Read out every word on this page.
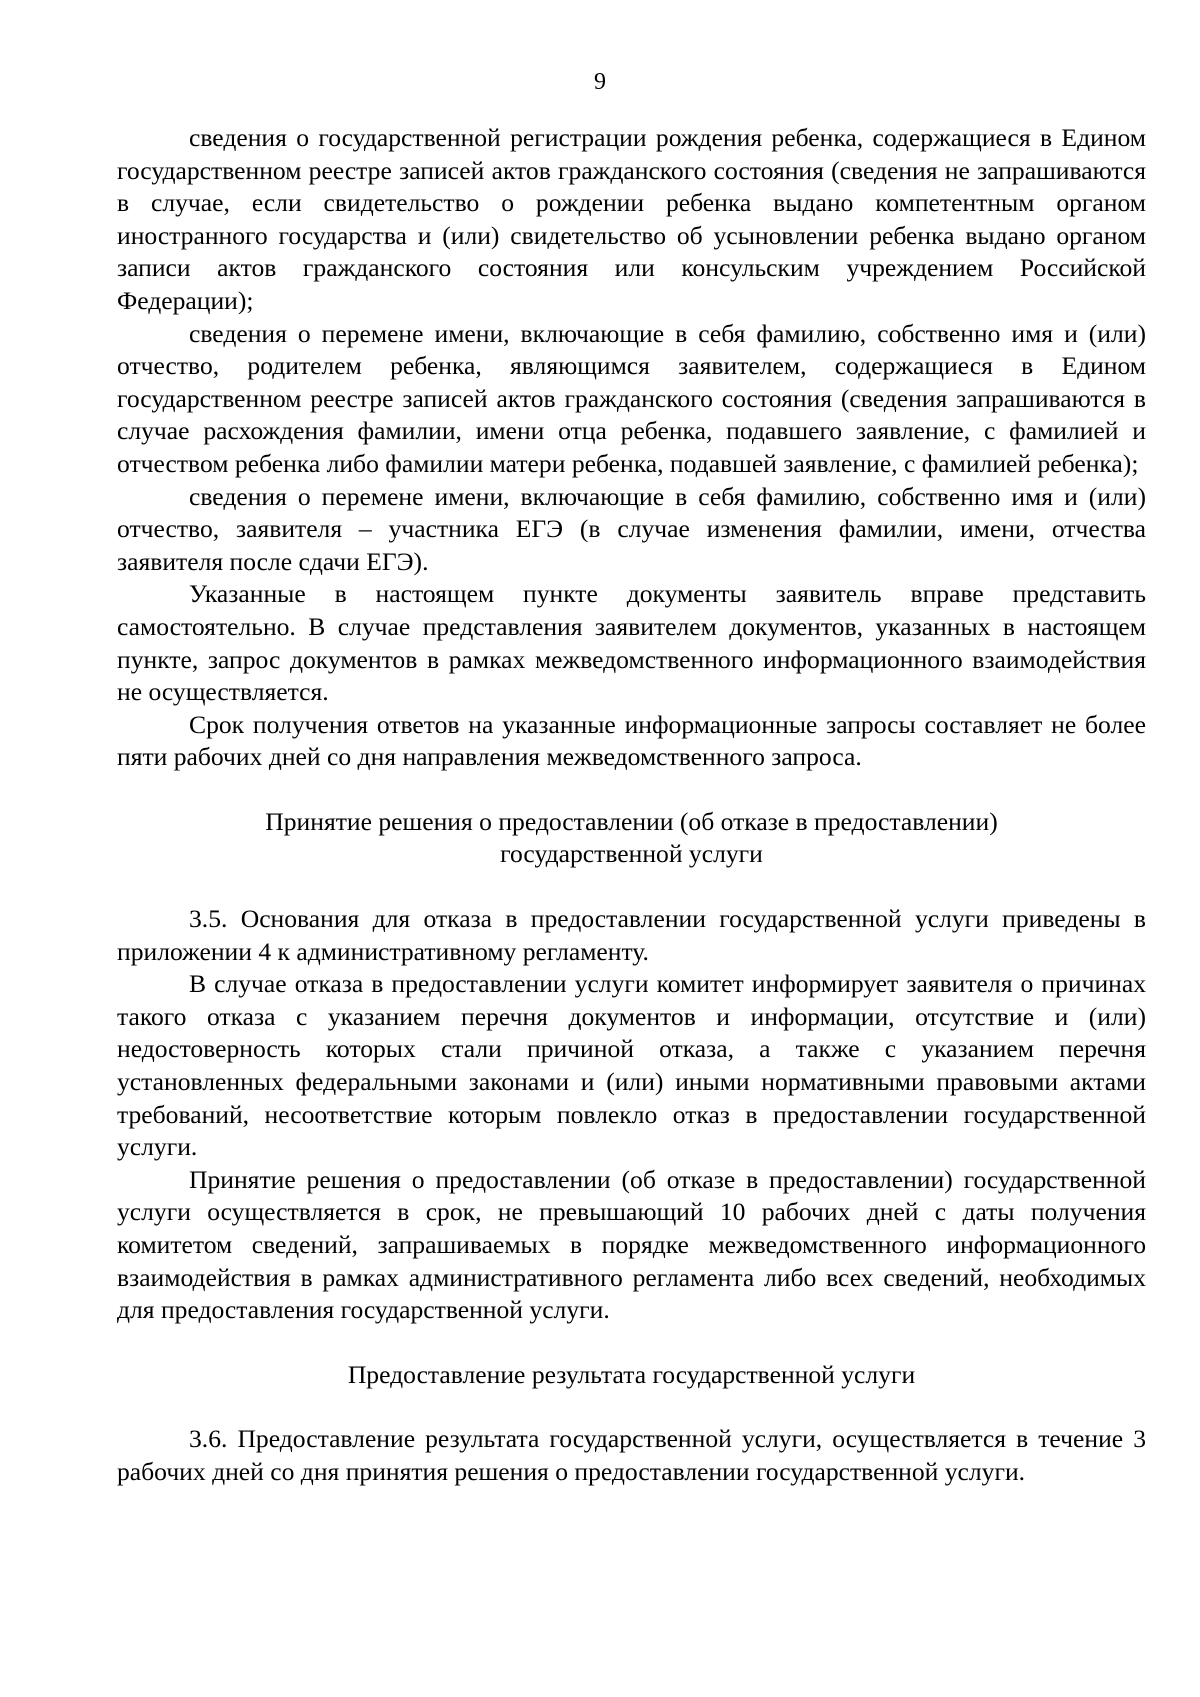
9

сведения о государственной регистрации рождения ребенка, содержащиеся в Едином государственном реестре записей актов гражданского состояния (сведения не запрашиваются в случае, если свидетельство о рождении ребенка выдано компетентным органом иностранного государства и (или) свидетельство об усыновлении ребенка выдано органом записи актов гражданского состояния или консульским учреждением Российской Федерации);

сведения о перемене имени, включающие в себя фамилию, собственно имя и (или) отчество, родителем ребенка, являющимся заявителем, содержащиеся в Едином государственном реестре записей актов гражданского состояния (сведения запрашиваются в случае расхождения фамилии, имени отца ребенка, подавшего заявление, с фамилией и отчеством ребенка либо фамилии матери ребенка, подавшей заявление, с фамилией ребенка);

сведения о перемене имени, включающие в себя фамилию, собственно имя и (или) отчество, заявителя – участника ЕГЭ (в случае изменения фамилии, имени, отчества заявителя после сдачи ЕГЭ).

Указанные в настоящем пункте документы заявитель вправе представить самостоятельно. В случае представления заявителем документов, указанных в настоящем пункте, запрос документов в рамках межведомственного информационного взаимодействия не осуществляется.

Срок получения ответов на указанные информационные запросы составляет не более пяти рабочих дней со дня направления межведомственного запроса.

Принятие решения о предоставлении (об отказе в предоставлении)
государственной услуги

3.5. Основания для отказа в предоставлении государственной услуги приведены в приложении 4 к административному регламенту.

В случае отказа в предоставлении услуги комитет информирует заявителя о причинах такого отказа с указанием перечня документов и информации, отсутствие и (или) недостоверность которых стали причиной отказа, а также с указанием перечня установленных федеральными законами и (или) иными нормативными правовыми актами требований, несоответствие которым повлекло отказ в предоставлении государственной услуги.

Принятие решения о предоставлении (об отказе в предоставлении) государственной услуги осуществляется в срок, не превышающий 10 рабочих дней с даты получения комитетом сведений, запрашиваемых в порядке межведомственного информационного взаимодействия в рамках административного регламента либо всех сведений, необходимых для предоставления государственной услуги.

Предоставление результата государственной услуги

3.6. Предоставление результата государственной услуги, осуществляется в течение 3 рабочих дней со дня принятия решения о предоставлении государственной услуги.
